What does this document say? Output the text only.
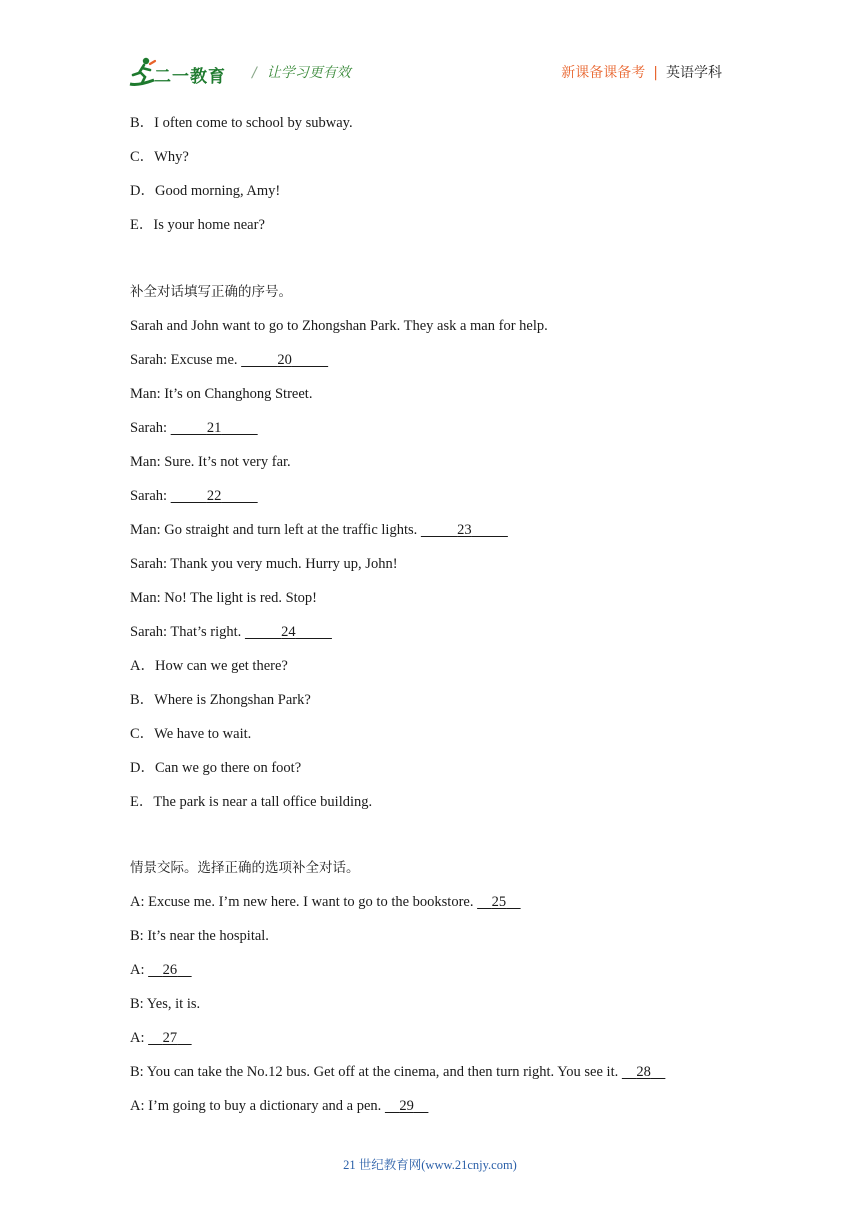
二一教育 / 让学习更有效	新课备课备考 | 英语学科
B．I often come to school by subway.
C．Why?
D．Good morning, Amy!
E．Is your home near?
补全对话填写正确的序号。
Sarah and John want to go to Zhongshan Park. They ask a man for help.
Sarah: Excuse me.	20
Man: It’s on Changhong Street.
Sarah:	21
Man: Sure. It’s not very far.
Sarah:	22
Man: Go straight and turn left at the traffic lights.	23
Sarah: Thank you very much. Hurry up, John!
Man: No! The light is red. Stop!
Sarah: That’s right.	24
A．How can we get there?
B．Where is Zhongshan Park?
C．We have to wait.
D．Can we go there on foot?
E．The park is near a tall office building.
情景交际。选择正确的选项补全对话。
A: Excuse me. I’m new here. I want to go to the bookstore.     25
B: It’s near the hospital.
A:     26
B: Yes, it is.
A:     27
B: You can take the No.12 bus. Get off at the cinema, and then turn right. You see it.     28
A: I’m going to buy a dictionary and a pen.     29
21 世纪教育网(www.21cnjy.com)
